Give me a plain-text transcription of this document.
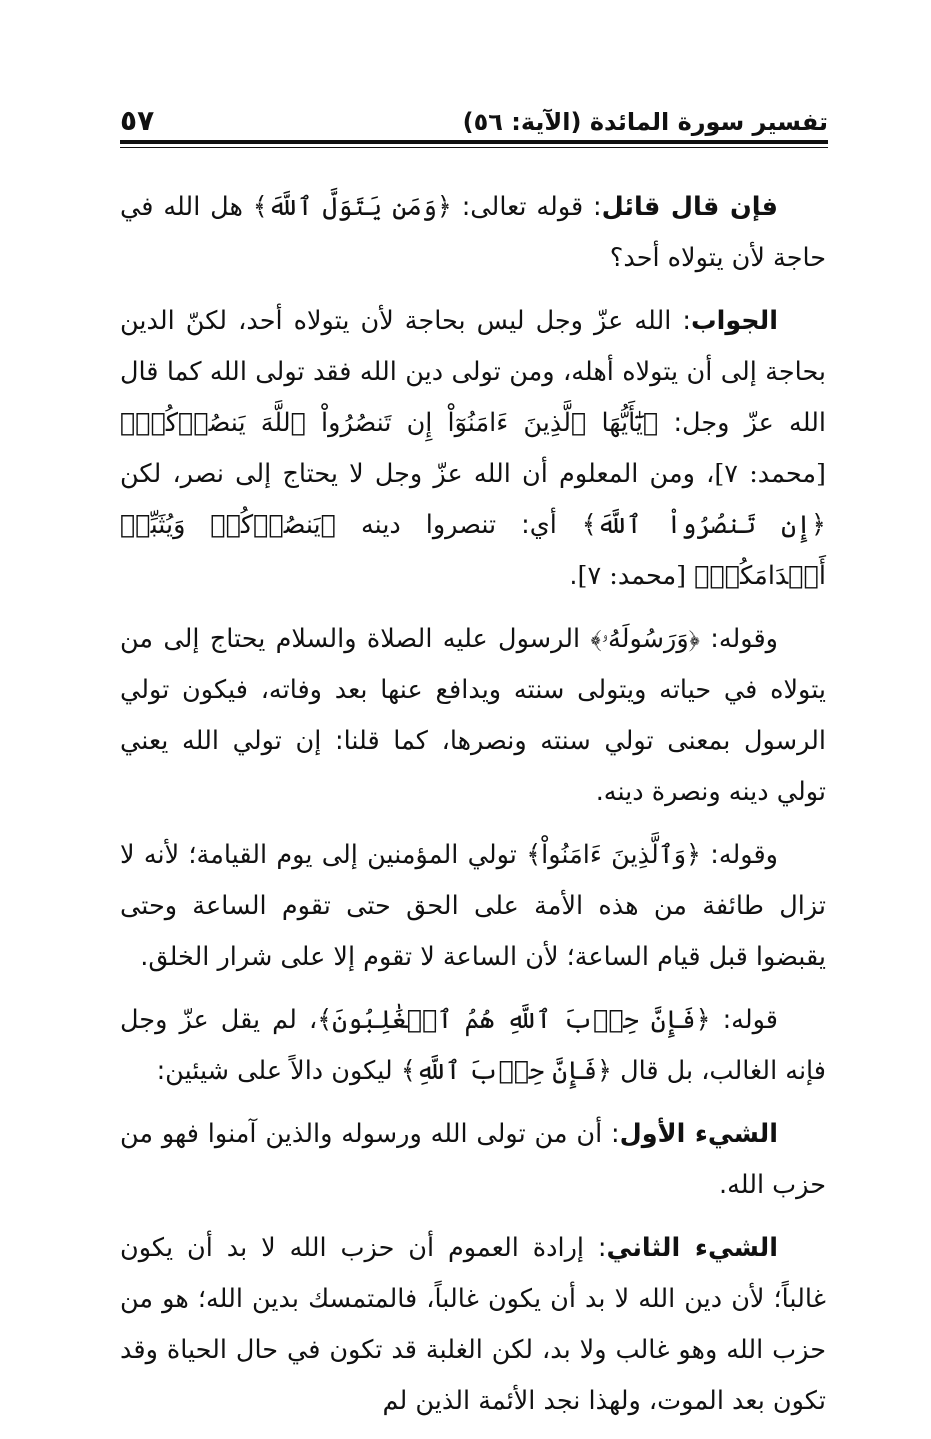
تفسير سورة المائدة (الآية: ٥٦)
٥٧

فإن قال قائل: قوله تعالى: ﴿وَمَن يَتَوَلَّ ٱللَّهَ﴾ هل الله في حاجة لأن يتولاه أحد؟

الجواب: الله عزّ وجل ليس بحاجة لأن يتولاه أحد، لكنّ الدين بحاجة إلى أن يتولاه أهله، ومن تولى دين الله فقد تولى الله كما قال الله عزّ وجل: ﴿يَٰٓأَيُّهَا ٱلَّذِينَ ءَامَنُوٓاْ إِن تَنصُرُواْ ٱللَّهَ يَنصُرۡكُمۡ﴾ [محمد: ٧]، ومن المعلوم أن الله عزّ وجل لا يحتاج إلى نصر، لكن ﴿إِن تَنصُرُواْ ٱللَّهَ﴾ أي: تنصروا دينه ﴿يَنصُرۡكُمۡ وَيُثَبِّتۡ أَقۡدَامَكُمۡ﴾ [محمد: ٧].

وقوله: ﴿وَرَسُولَهُۥ﴾ الرسول عليه الصلاة والسلام يحتاج إلى من يتولاه في حياته ويتولى سنته ويدافع عنها بعد وفاته، فيكون تولي الرسول بمعنى تولي سنته ونصرها، كما قلنا: إن تولي الله يعني تولي دينه ونصرة دينه.

وقوله: ﴿وَٱلَّذِينَ ءَامَنُواْ﴾ تولي المؤمنين إلى يوم القيامة؛ لأنه لا تزال طائفة من هذه الأمة على الحق حتى تقوم الساعة وحتى يقبضوا قبل قيام الساعة؛ لأن الساعة لا تقوم إلا على شرار الخلق.

قوله: ﴿فَإِنَّ حِزۡبَ ٱللَّهِ هُمُ ٱلۡغَٰلِبُونَ﴾، لم يقل عزّ وجل فإنه الغالب، بل قال ﴿فَإِنَّ حِزۡبَ ٱللَّهِ﴾ ليكون دالاً على شيئين:

الشيء الأول: أن من تولى الله ورسوله والذين آمنوا فهو من حزب الله.

الشيء الثاني: إرادة العموم أن حزب الله لا بد أن يكون غالباً؛ لأن دين الله لا بد أن يكون غالباً، فالمتمسك بدين الله؛ هو من حزب الله وهو غالب ولا بد، لكن الغلبة قد تكون في حال الحياة وقد تكون بعد الموت، ولهذا نجد الأئمة الذين لم
